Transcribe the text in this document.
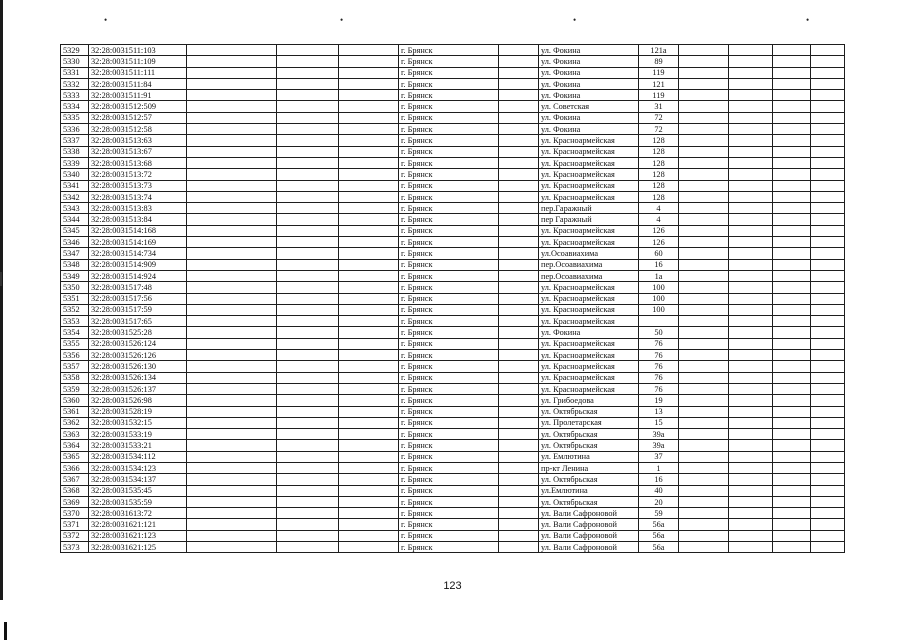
•	•	•	•
5329	32:28:0031511:103				г. Брянск		ул. Фокина	121а				
5330	32:28:0031511:109				г. Брянск		ул. Фокина	89				
5331	32:28:0031511:111				г. Брянск		ул. Фокина	119				
5332	32:28:0031511:84				г. Брянск		ул. Фокина	121				
5333	32:28:0031511:91				г. Брянск		ул. Фокина	119				
5334	32:28:0031512:509				г. Брянск		ул. Советская	31				
5335	32:28:0031512:57				г. Брянск		ул. Фокина	72				
5336	32:28:0031512:58				г. Брянск		ул. Фокина	72				
5337	32:28:0031513:63				г. Брянск		ул. Красноармейская	128				
5338	32:28:0031513:67				г. Брянск		ул. Красноармейская	128				
5339	32:28:0031513:68				г. Брянск		ул. Красноармейская	128				
5340	32:28:0031513:72				г. Брянск		ул. Красноармейская	128				
5341	32:28:0031513:73				г. Брянск		ул. Красноармейская	128				
5342	32:28:0031513:74				г. Брянск		ул. Красноармейская	128				
5343	32:28:0031513:83				г. Брянск		пер.Гаражный	4				
5344	32:28:0031513:84				г. Брянск		пер Гаражный	4				
5345	32:28:0031514:168				г. Брянск		ул. Красноармейская	126				
5346	32:28:0031514:169				г. Брянск		ул. Красноармейская	126				
5347	32:28:0031514:734				г. Брянск		ул.Осоавиахима	60				
5348	32:28:0031514:909				г. Брянск		пер.Осоавиахима	16				
5349	32:28:0031514:924				г. Брянск		пер.Осоавиахима	1а				
5350	32:28:0031517:48				г. Брянск		ул. Красноармейская	100				
5351	32:28:0031517:56				г. Брянск		ул. Красноармейская	100				
5352	32:28:0031517:59				г. Брянск		ул. Красноармейская	100				
5353	32:28:0031517:65				г. Брянск		ул. Красноармейская					
5354	32:28:0031525:28				г. Брянск		ул. Фокина	50				
5355	32:28:0031526:124				г. Брянск		ул. Красноармейская	76				
5356	32:28:0031526:126				г. Брянск		ул. Красноармейская	76				
5357	32:28:0031526:130				г. Брянск		ул. Красноармейская	76				
5358	32:28:0031526:134				г. Брянск		ул. Красноармейская	76				
5359	32:28:0031526:137				г. Брянск		ул. Красноармейская	76				
5360	32:28:0031526:98				г. Брянск		ул. Грибоедова	19				
5361	32:28:0031528:19				г. Брянск		ул. Октябрьская	13				
5362	32:28:0031532:15				г. Брянск		ул. Пролетарская	15				
5363	32:28:0031533:19				г. Брянск		ул. Октябрьская	39а				
5364	32:28:0031533:21				г. Брянск		ул. Октябрьская	39а				
5365	32:28:0031534:112				г. Брянск		ул. Емлютина	37				
5366	32:28:0031534:123				г. Брянск		пр-кт Ленина	1				
5367	32:28:0031534:137				г. Брянск		ул. Октябрьская	16				
5368	32:28:0031535:45				г. Брянск		ул.Емлютина	40				
5369	32:28:0031535:59				г. Брянск		ул. Октябрьская	20				
5370	32:28:0031613:72				г. Брянск		ул. Вали Сафроновой	59				
5371	32:28:0031621:121				г. Брянск		ул. Вали Сафроновой	56а				
5372	32:28:0031621:123				г. Брянск		ул. Вали Сафроновой	56а				
5373	32:28:0031621:125				г. Брянск		ул. Вали Сафроновой	56а				
123
